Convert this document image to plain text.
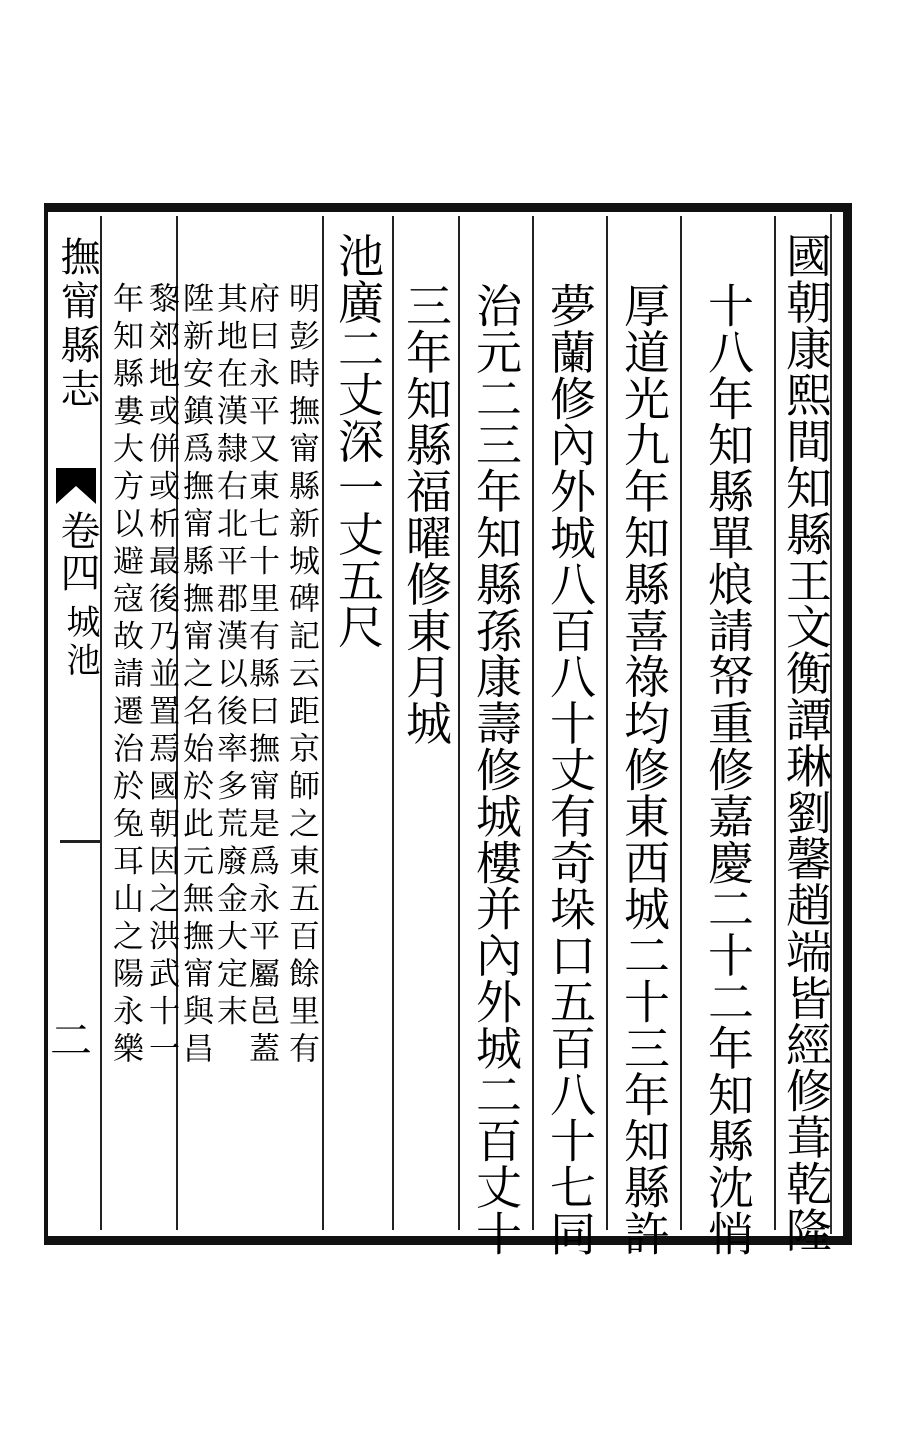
國朝康熙間知縣王文衡譚琳劉馨趙端皆經修葺乾隆

十八年知縣單烺請帑重修嘉慶二十二年知縣沈悄

厚道光九年知縣喜祿均修東西城二十三年知縣許

夢蘭修內外城八百八十丈有奇垛口五百八十七同

治元二三年知縣孫康壽修城樓并內外城二百丈十

三年知縣福曜修東月城

池廣二丈深一丈五尺

明彭時撫甯縣新城碑記云距京師之東五百餘里有

府曰永平又東七十里有縣曰撫甯是爲永平屬邑蓋

其地在漢隸右北平郡漢以後率多荒廢金大定末

陞新安鎮爲撫甯縣撫甯之名始於此元無撫甯與昌

黎郊地或併或析最後乃並置焉國朝因之洪武十一

年知縣婁大方以避寇故請遷治於兔耳山之陽永樂

撫甯縣志
卷四
城池
二
